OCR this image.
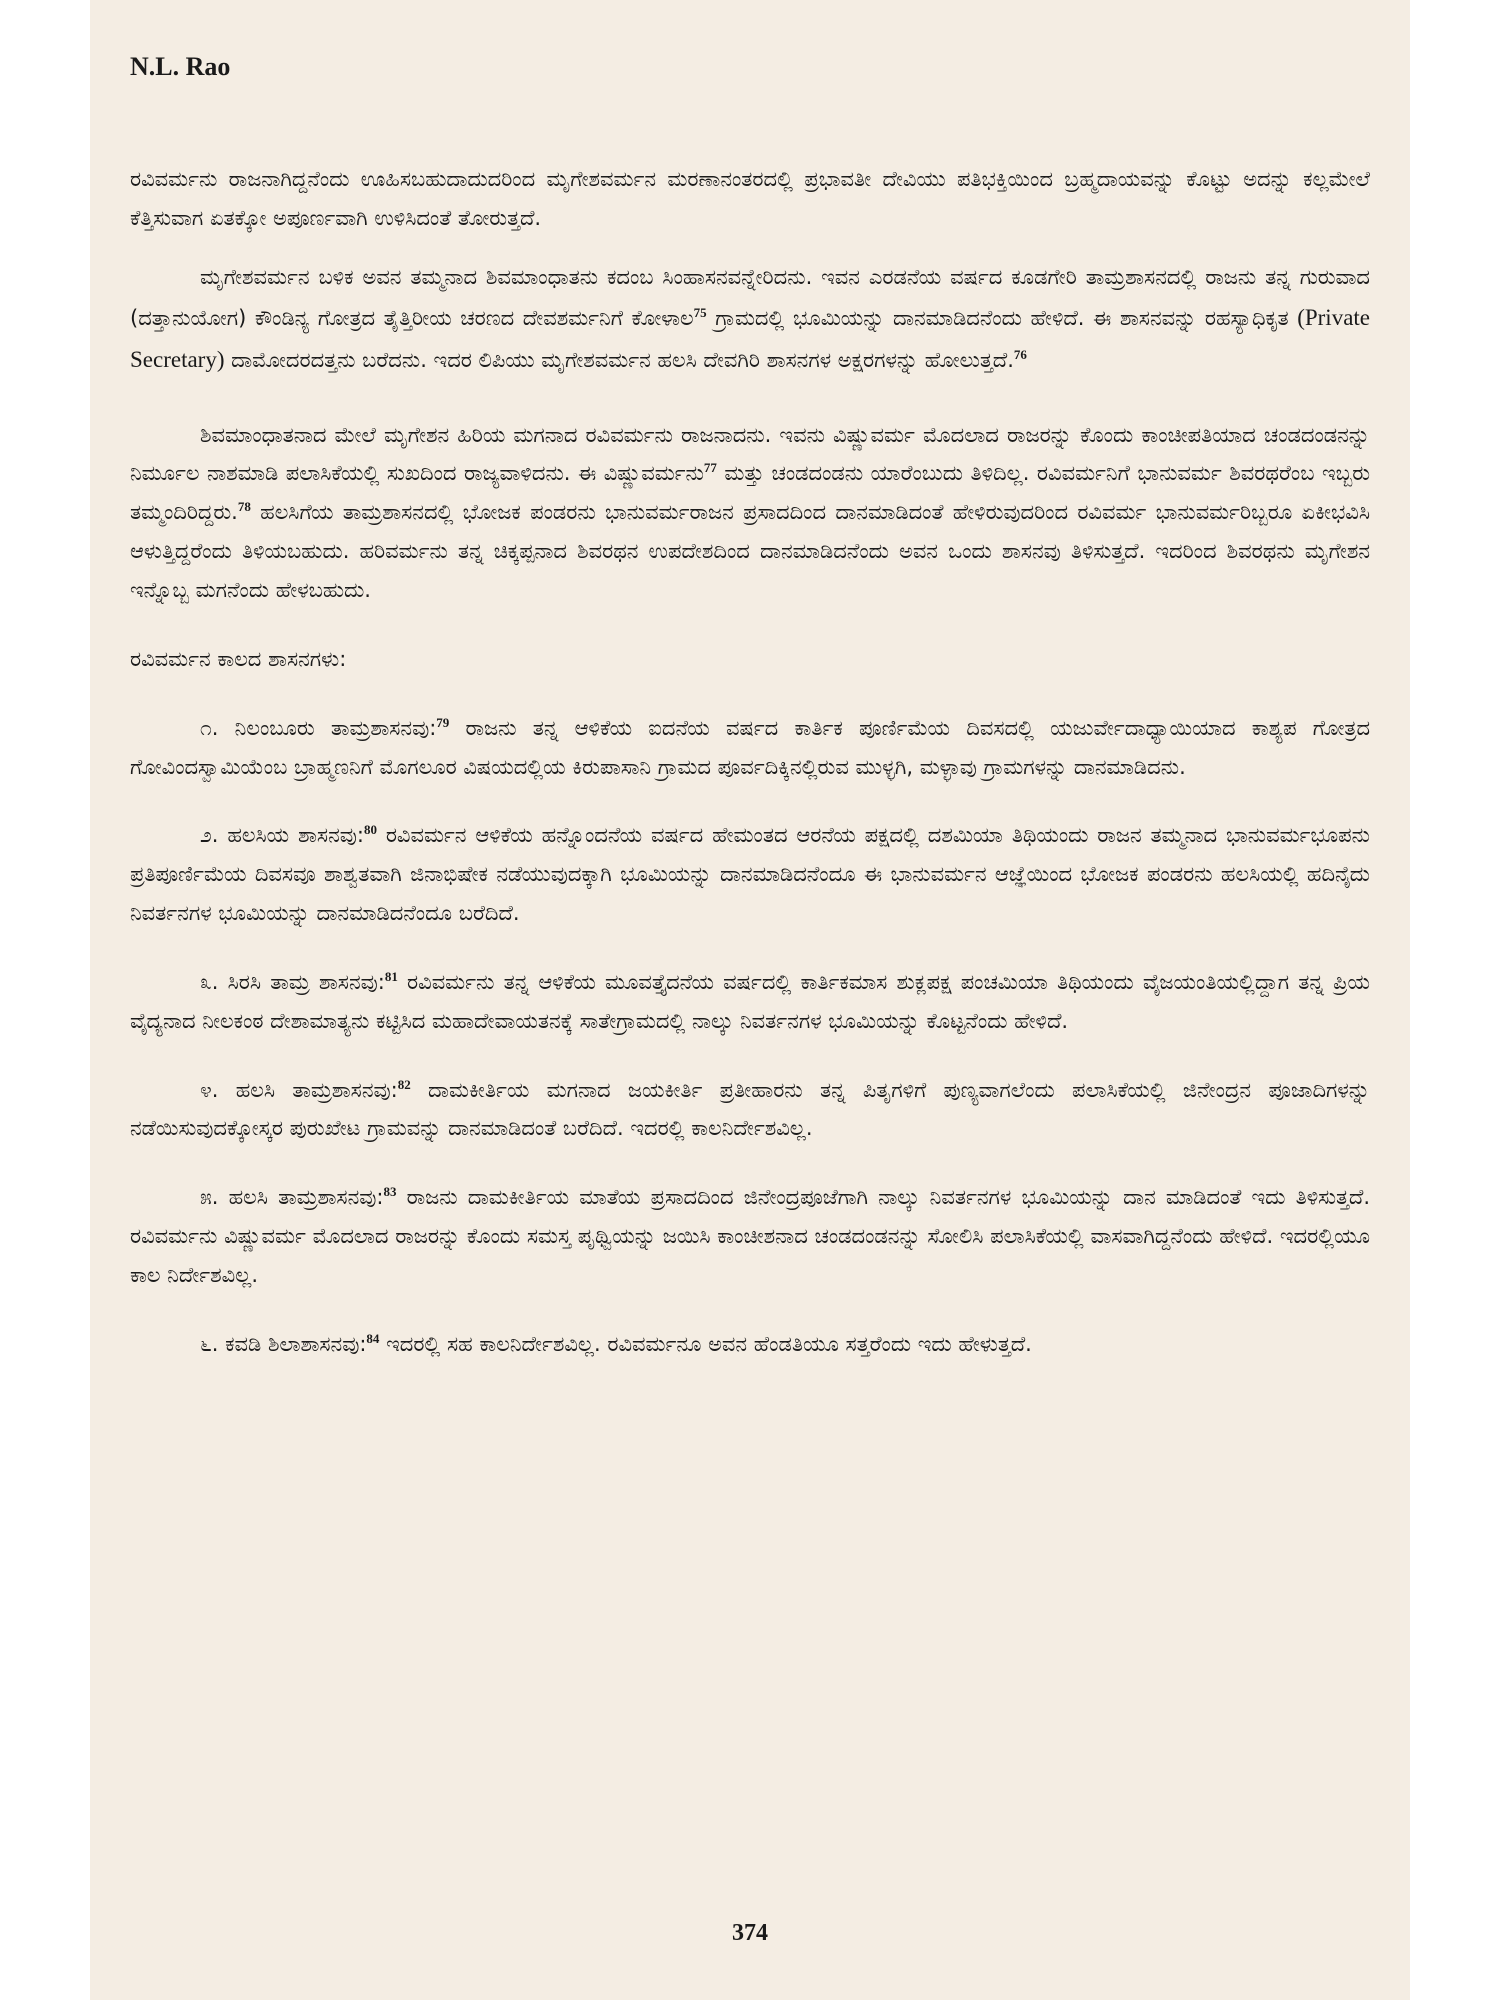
N.L. Rao

ರವಿವರ್ಮನು ರಾಜನಾಗಿದ್ದನೆಂದು ಊಹಿಸಬಹುದಾದುದರಿಂದ ಮೃಗೇಶವರ್ಮನ ಮರಣಾನಂತರದಲ್ಲಿ ಪ್ರಭಾವತೀ ದೇವಿಯು ಪತಿಭಕ್ತಿಯಿಂದ ಬ್ರಹ್ಮದಾಯವನ್ನು ಕೊಟ್ಟು ಅದನ್ನು ಕಲ್ಲಮೇಲೆ ಕೆತ್ತಿಸುವಾಗ ಏತಕ್ಕೋ ಅಪೂರ್ಣವಾಗಿ ಉಳಿಸಿದಂತೆ ತೋರುತ್ತದೆ.

ಮೃಗೇಶವರ್ಮನ ಬಳಿಕ ಅವನ ತಮ್ಮನಾದ ಶಿವಮಾಂಧಾತನು ಕದಂಬ ಸಿಂಹಾಸನವನ್ನೇರಿದನು. ಇವನ ಎರಡನೆಯ ವರ್ಷದ ಕೂಡಗೇರಿ ತಾಮ್ರಶಾಸನದಲ್ಲಿ ರಾಜನು ತನ್ನ ಗುರುವಾದ (ದತ್ತಾನುಯೋಗ) ಕೌಂಡಿನ್ಯ ಗೋತ್ರದ ತೈತ್ತಿರೀಯ ಚರಣದ ದೇವಶರ್ಮನಿಗೆ ಕೋಳಾಲ$^{75}$ ಗ್ರಾಮದಲ್ಲಿ ಭೂಮಿಯನ್ನು ದಾನಮಾಡಿದನೆಂದು ಹೇಳಿದೆ. ಈ ಶಾಸನವನ್ನು ರಹಸ್ಯಾಧಿಕೃತ (Private Secretary) ದಾಮೋದರದತ್ತನು ಬರೆದನು. ಇದರ ಲಿಪಿಯು ಮೃಗೇಶವರ್ಮನ ಹಲಸಿ ದೇವಗಿರಿ ಶಾಸನಗಳ ಅಕ್ಷರಗಳನ್ನು ಹೋಲುತ್ತದೆ.$^{76}$

ಶಿವಮಾಂಧಾತನಾದ ಮೇಲೆ ಮೃಗೇಶನ ಹಿರಿಯ ಮಗನಾದ ರವಿವರ್ಮನು ರಾಜನಾದನು. ಇವನು ವಿಷ್ಣುವರ್ಮ ಮೊದಲಾದ ರಾಜರನ್ನು ಕೊಂದು ಕಾಂಚೀಪತಿಯಾದ ಚಂಡದಂಡನನ್ನು ನಿರ್ಮೂಲ ನಾಶಮಾಡಿ ಪಲಾಸಿಕೆಯಲ್ಲಿ ಸುಖದಿಂದ ರಾಜ್ಯವಾಳಿದನು. ಈ ವಿಷ್ಣುವರ್ಮನು$^{77}$ ಮತ್ತು ಚಂಡದಂಡನು ಯಾರೆಂಬುದು ತಿಳಿದಿಲ್ಲ. ರವಿವರ್ಮನಿಗೆ ಭಾನುವರ್ಮ ಶಿವರಥರೆಂಬ ಇಬ್ಬರು ತಮ್ಮಂದಿರಿದ್ದರು.$^{78}$ ಹಲಸಿಗೆಯ ತಾಮ್ರಶಾಸನದಲ್ಲಿ ಭೋಜಕ ಪಂಡರನು ಭಾನುವರ್ಮರಾಜನ ಪ್ರಸಾದದಿಂದ ದಾನಮಾಡಿದಂತೆ ಹೇಳಿರುವುದರಿಂದ ರವಿವರ್ಮ ಭಾನುವರ್ಮರಿಬ್ಬರೂ ಏಕೀಭವಿಸಿ ಆಳುತ್ತಿದ್ದರೆಂದು ತಿಳಿಯಬಹುದು. ಹರಿವರ್ಮನು ತನ್ನ ಚಿಕ್ಕಪ್ಪನಾದ ಶಿವರಥನ ಉಪದೇಶದಿಂದ ದಾನಮಾಡಿದನೆಂದು ಅವನ ಒಂದು ಶಾಸನವು ತಿಳಿಸುತ್ತದೆ. ಇದರಿಂದ ಶಿವರಥನು ಮೃಗೇಶನ ಇನ್ನೊಬ್ಬ ಮಗನೆಂದು ಹೇಳಬಹುದು.

ರವಿವರ್ಮನ ಕಾಲದ ಶಾಸನಗಳು:

೧. ನಿಲಂಬೂರು ತಾಮ್ರಶಾಸನವು:$^{79}$ ರಾಜನು ತನ್ನ ಆಳಿಕೆಯ ಐದನೆಯ ವರ್ಷದ ಕಾರ್ತಿಕ ಪೂರ್ಣಿಮೆಯ ದಿವಸದಲ್ಲಿ ಯಜುರ್ವೇದಾಧ್ಯಾಯಿಯಾದ ಕಾಶ್ಯಪ ಗೋತ್ರದ ಗೋವಿಂದಸ್ವಾಮಿಯೆಂಬ ಬ್ರಾಹ್ಮಣನಿಗೆ ಮೊಗಲೂರ ವಿಷಯದಲ್ಲಿಯ ಕಿರುಪಾಸಾನಿ ಗ್ರಾಮದ ಪೂರ್ವದಿಕ್ಕಿನಲ್ಲಿರುವ ಮುಳ್ಳಗಿ, ಮಳ್ಳಾವು ಗ್ರಾಮಗಳನ್ನು ದಾನಮಾಡಿದನು.

೨. ಹಲಸಿಯ ಶಾಸನವು:$^{80}$ ರವಿವರ್ಮನ ಆಳಿಕೆಯ ಹನ್ನೊಂದನೆಯ ವರ್ಷದ ಹೇಮಂತದ ಆರನೆಯ ಪಕ್ಷದಲ್ಲಿ ದಶಮಿಯಾ ತಿಥಿಯಂದು ರಾಜನ ತಮ್ಮನಾದ ಭಾನುವರ್ಮಭೂಪನು ಪ್ರತಿಪೂರ್ಣಿಮೆಯ ದಿವಸವೂ ಶಾಶ್ವತವಾಗಿ ಜಿನಾಭಿಷೇಕ ನಡೆಯುವುದಕ್ಕಾಗಿ ಭೂಮಿಯನ್ನು ದಾನಮಾಡಿದನೆಂದೂ ಈ ಭಾನುವರ್ಮನ ಆಜ್ಞೆಯಿಂದ ಭೋಜಕ ಪಂಡರನು ಹಲಸಿಯಲ್ಲಿ ಹದಿನೈದು ನಿವರ್ತನಗಳ ಭೂಮಿಯನ್ನು ದಾನಮಾಡಿದನೆಂದೂ ಬರೆದಿದೆ.

೩. ಸಿರಸಿ ತಾಮ್ರ ಶಾಸನವು:$^{81}$ ರವಿವರ್ಮನು ತನ್ನ ಆಳಿಕೆಯ ಮೂವತ್ತೈದನೆಯ ವರ್ಷದಲ್ಲಿ ಕಾರ್ತಿಕಮಾಸ ಶುಕ್ಲಪಕ್ಷ ಪಂಚಮಿಯಾ ತಿಥಿಯಂದು ವೈಜಯಂತಿಯಲ್ಲಿದ್ದಾಗ ತನ್ನ ಪ್ರಿಯ ವೈದ್ಯನಾದ ನೀಲಕಂಠ ದೇಶಾಮಾತ್ಯನು ಕಟ್ಟಿಸಿದ ಮಹಾದೇವಾಯತನಕ್ಕೆ ಸಾತೇಗ್ರಾಮದಲ್ಲಿ ನಾಲ್ಕು ನಿವರ್ತನಗಳ ಭೂಮಿಯನ್ನು ಕೊಟ್ಟನೆಂದು ಹೇಳಿದೆ.

೪. ಹಲಸಿ ತಾಮ್ರಶಾಸನವು:$^{82}$ ದಾಮಕೀರ್ತಿಯ ಮಗನಾದ ಜಯಕೀರ್ತಿ ಪ್ರತೀಹಾರನು ತನ್ನ ಪಿತೃಗಳಿಗೆ ಪುಣ್ಯವಾಗಲೆಂದು ಪಲಾಸಿಕೆಯಲ್ಲಿ ಜಿನೇಂದ್ರನ ಪೂಜಾದಿಗಳನ್ನು ನಡೆಯಿಸುವುದಕ್ಕೋಸ್ಕರ ಪುರುಖೇಟ ಗ್ರಾಮವನ್ನು ದಾನಮಾಡಿದಂತೆ ಬರೆದಿದೆ. ಇದರಲ್ಲಿ ಕಾಲನಿರ್ದೇಶವಿಲ್ಲ.

೫. ಹಲಸಿ ತಾಮ್ರಶಾಸನವು:$^{83}$ ರಾಜನು ದಾಮಕೀರ್ತಿಯ ಮಾತೆಯ ಪ್ರಸಾದದಿಂದ ಜಿನೇಂದ್ರಪೂಜೆಗಾಗಿ ನಾಲ್ಕು ನಿವರ್ತನಗಳ ಭೂಮಿಯನ್ನು ದಾನ ಮಾಡಿದಂತೆ ಇದು ತಿಳಿಸುತ್ತದೆ. ರವಿವರ್ಮನು ವಿಷ್ಣುವರ್ಮ ಮೊದಲಾದ ರಾಜರನ್ನು ಕೊಂದು ಸಮಸ್ತ ಪೃಥ್ವಿಯನ್ನು ಜಯಿಸಿ ಕಾಂಚೀಶನಾದ ಚಂಡದಂಡನನ್ನು ಸೋಲಿಸಿ ಪಲಾಸಿಕೆಯಲ್ಲಿ ವಾಸವಾಗಿದ್ದನೆಂದು ಹೇಳಿದೆ. ಇದರಲ್ಲಿಯೂ ಕಾಲ ನಿರ್ದೇಶವಿಲ್ಲ.

೬. ಕವಡಿ ಶಿಲಾಶಾಸನವು:$^{84}$ ಇದರಲ್ಲಿ ಸಹ ಕಾಲನಿರ್ದೇಶವಿಲ್ಲ. ರವಿವರ್ಮನೂ ಅವನ ಹೆಂಡತಿಯೂ ಸತ್ತರೆಂದು ಇದು ಹೇಳುತ್ತದೆ.

374
